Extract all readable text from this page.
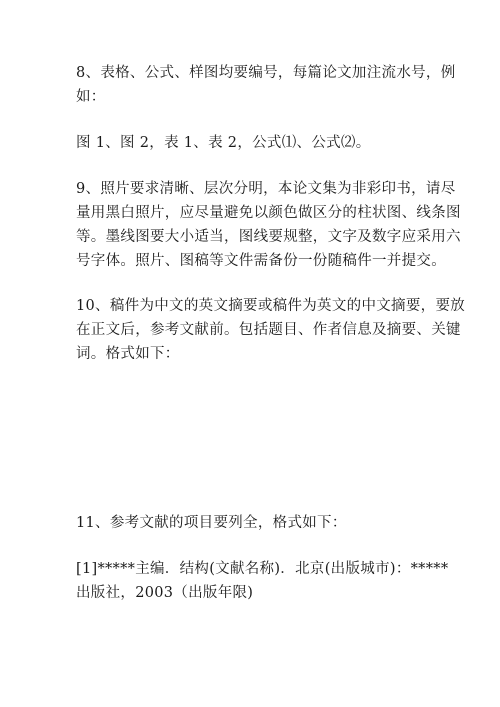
8、表格、公式、样图均要编号，每篇论文加注流水号，例
如：
图 1、图 2，表 1、表 2，公式⑴、公式⑵。
9、照片要求清晰、层次分明，本论文集为非彩印书，请尽
量用黑白照片，应尽量避免以颜色做区分的柱状图、线条图
等。墨线图要大小适当，图线要规整，文字及数字应采用六
号字体。照片、图稿等文件需备份一份随稿件一并提交。
10、稿件为中文的英文摘要或稿件为英文的中文摘要，要放
在正文后，参考文献前。包括题目、作者信息及摘要、关键
词。格式如下：
11、参考文献的项目要列全，格式如下：
[1]*****主编．结构(文献名称)．北京(出版城市)：*****
出版社，2003（出版年限)
